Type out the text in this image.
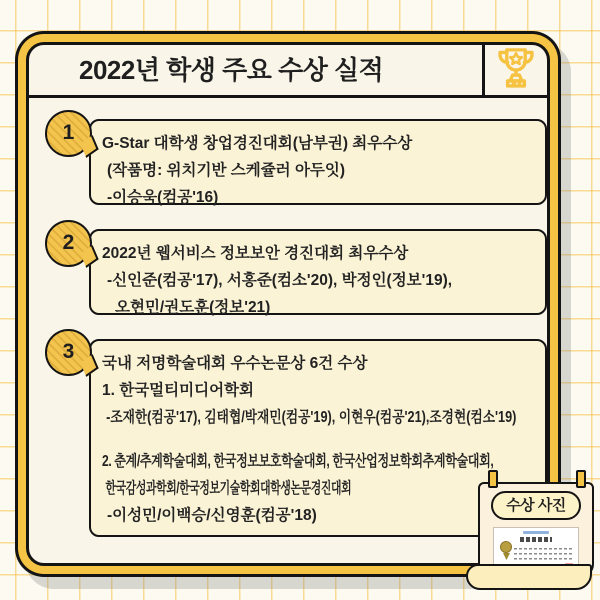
2022년 학생 주요 수상 실적
1	G-Star 대학생 창업경진대회(남부권) 최우수상
(작품명: 위치기반 스케쥴러 아두잇)
-이승욱(컴공'16)
2	2022년 웹서비스 정보보안 경진대회 최우수상
-신인준(컴공'17), 서홍준(컴소'20), 박정인(정보'19),
오현민/권도훈(정보'21)
3
국내 저명학술대회 우수논문상 6건 수상
1. 한국멀티미디어학회
-조재한(컴공'17), 김태협/박재민(컴공'19), 이현우(컴공'21),조경현(컴소'19)
2. 춘계/추계학술대회, 한국정보보호학술대회, 한국산업정보학회추계학술대회,
한국감성과학회/한국정보기술학회대학생논문경진대회
-이성민/이백승/신영훈(컴공'18)
수상 사진
